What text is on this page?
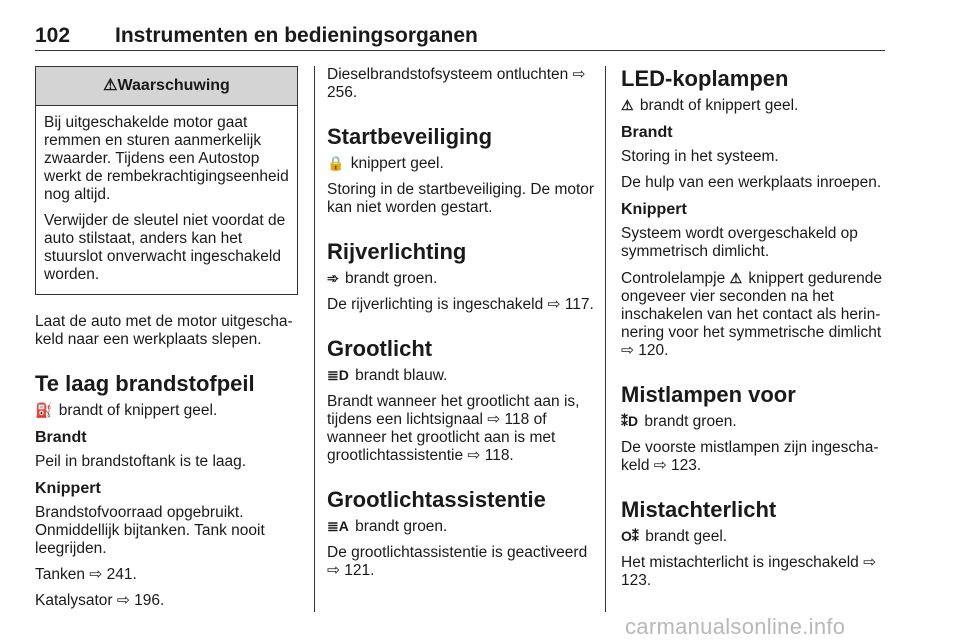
102 Instrumenten en bedieningsorganen
⚠Waarschuwing

Bij uitgeschakelde motor gaat remmen en sturen aanmerkelijk zwaarder. Tijdens een Autostop werkt de rembekrachtigingseenheid nog altijd.

Verwijder de sleutel niet voordat de auto stilstaat, anders kan het stuurslot onverwacht ingeschakeld worden.

Laat de auto met de motor uitgeschakeld naar een werkplaats slepen.

Te laag brandstofpeil

⛽ brandt of knippert geel.

Brandt

Peil in brandstoftank is te laag.

Knippert

Brandstofvoorraad opgebruikt. Onmiddellijk bijtanken. Tank nooit leegrijden.

Tanken ⇨ 241.

Katalysator ⇨ 196.

Dieselbrandstofsysteem ontluchten ⇨ 256.

Startbeveiliging

🔒 knippert geel.

Storing in de startbeveiliging. De motor kan niet worden gestart.

Rijverlichting

➾ brandt groen.

De rijverlichting is ingeschakeld ⇨ 117.

Grootlicht

≣D brandt blauw.

Brandt wanneer het grootlicht aan is, tijdens een lichtsignaal ⇨ 118 of wanneer het grootlicht aan is met grootlichtassistentie ⇨ 118.

Grootlichtassistentie

≣A brandt groen.

De grootlichtassistentie is geactiveerd ⇨ 121.

LED-koplampen

⚠ brandt of knippert geel.

Brandt

Storing in het systeem.

De hulp van een werkplaats inroepen.

Knippert

Systeem wordt overgeschakeld op symmetrisch dimlicht.

Controlelampje ⚠ knippert gedurende ongeveer vier seconden na het inschakelen van het contact als herinnering voor het symmetrische dimlicht ⇨ 120.

Mistlampen voor

⁑D brandt groen.

De voorste mistlampen zijn ingeschakeld ⇨ 123.

Mistachterlicht

O⁑ brandt geel.

Het mistachterlicht is ingeschakeld ⇨ 123.

carmanualsonline.info
